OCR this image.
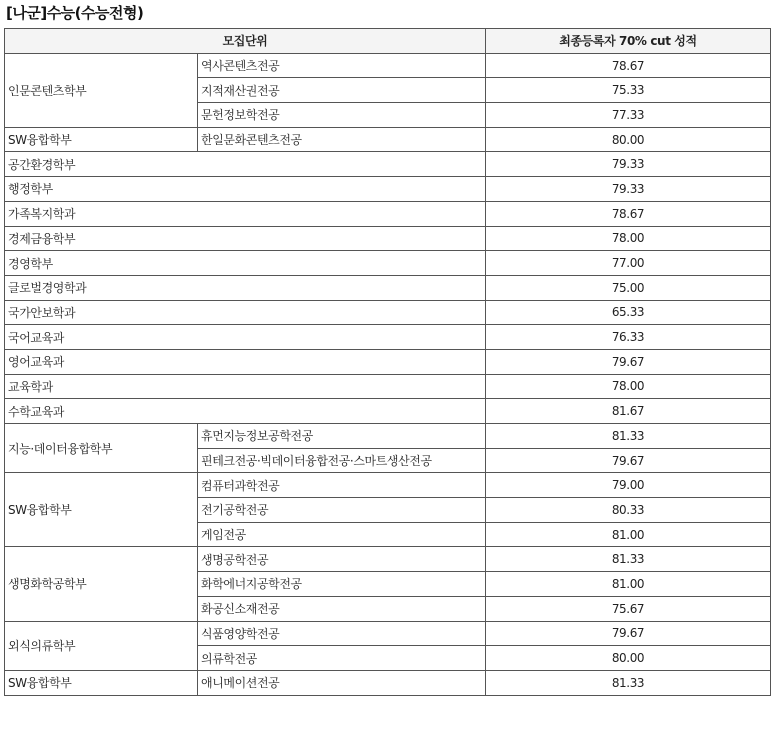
[나군]수능(수능전형)
모집단위		최종등록자 70% cut 성적
인문콘텐츠학부	역사콘텐츠전공	78.67
	지적재산권전공	75.33
	문헌정보학전공	77.33
SW융합학부	한일문화콘텐츠전공	80.00
공간환경학부		79.33
행정학부		79.33
가족복지학과		78.67
경제금융학부		78.00
경영학부		77.00
글로벌경영학과		75.00
국가안보학과		65.33
국어교육과		76.33
영어교육과		79.67
교육학과		78.00
수학교육과		81.67
지능·데이터융합학부	휴먼지능정보공학전공	81.33
	핀테크전공·빅데이터융합전공·스마트생산전공	79.67
SW융합학부	컴퓨터과학전공	79.00
	전기공학전공	80.33
	게임전공	81.00
생명화학공학부	생명공학전공	81.33
	화학에너지공학전공	81.00
	화공신소재전공	75.67
외식의류학부	식품영양학전공	79.67
	의류학전공	80.00
SW융합학부	애니메이션전공	81.33
